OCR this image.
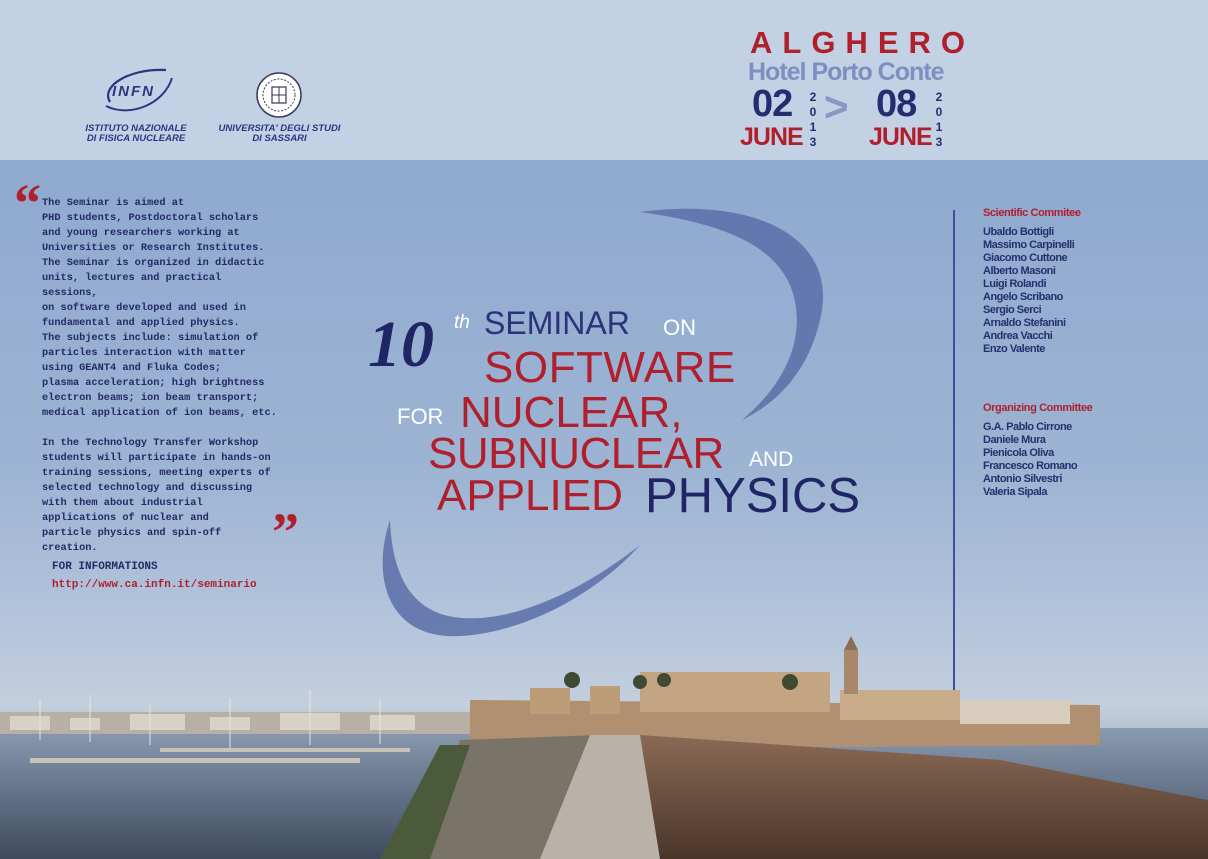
INFN
ISTITUTO NAZIONALE
DI FISICA NUCLEARE
UNIVERSITA' DEGLI STUDI
DI SASSARI
ALGHERO
Hotel Porto Conte
02 2013
JUNE
> 08 2013
JUNE
“ The Seminar is aimed at
PHD students, Postdoctoral scholars
and young researchers working at
Universities or Research Institutes.
The Seminar is organized in didactic
units, lectures and practical sessions,
on software developed and used in
fundamental and applied physics.
The subjects include: simulation of
particles interaction with matter
using GEANT4 and Fluka Codes;
plasma acceleration; high brightness
electron beams; ion beam transport;
medical application of ion beams, etc.

In the Technology Transfer Workshop
students will participate in hands-on
training sessions, meeting experts of
selected technology and discussing
with them about industrial
applications of nuclear and
particle physics and spin-off creation.	”
FOR INFORMATIONS
http://www.ca.infn.it/seminario
10 th SEMINAR ON
SOFTWARE
FOR NUCLEAR,
SUBNUCLEAR AND
APPLIED PHYSICS
Scientific Commitee
Ubaldo Bottigli
Massimo Carpinelli
Giacomo Cuttone
Alberto Masoni
Luigi Rolandi
Angelo Scribano
Sergio Serci
Arnaldo Stefanini
Andrea Vacchi
Enzo Valente
Organizing Committee
G.A. Pablo Cirrone
Daniele Mura
Pienicola Oliva
Francesco Romano
Antonio Silvestri
Valeria Sipala
